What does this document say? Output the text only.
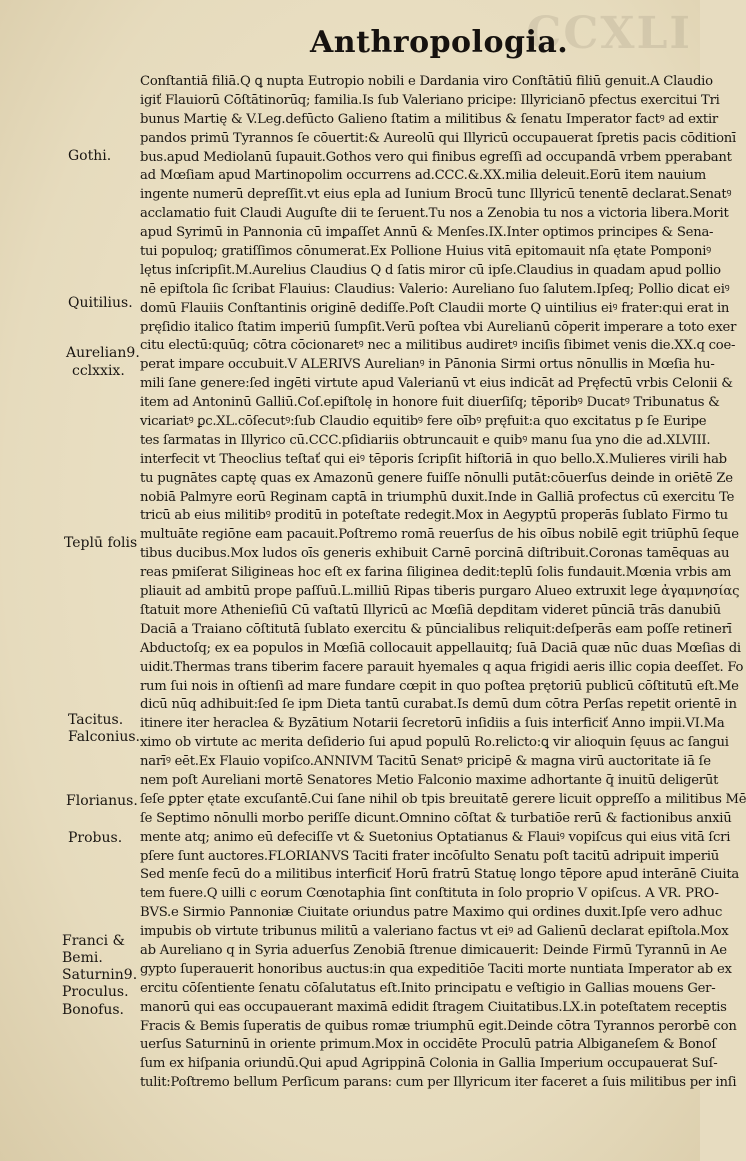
CCXLI
Anthropologia.
Gothi.
Quitilius.
Aurelian9.
cclxxix.
Teplū folis
Tacitus.
Falconius.
Florianus.
Probus.
Franci &
Bemi.
Saturnin9.
Proculus.
Bonofus.
Conſtantiā filiā.Q ꝗ nupta Eutropio nobili e Dardania viro Conſtātiū filiū genuit.A Claudio
igiť Flauiorū Cōſtātinorūq; familia.Is ſub Valeriano pricipe: Illyricianō pfectus exercitui Tri
bunus Martię & V.Leg.defūcto Galieno ſtatim a militibus & ſenatu Imperator factꝰ ad extir
pandos primū Tyrannos ſe cōuertit:& Aureolū qui Illyricū occupauerat ſpretis pacis cōditionī
bus.apud Mediolanū ſupauit.Gothos vero qui finibus egreſſi ad occupandā vrbem pperabant
ad Mœſiam apud Martinopolim occurrens ad.CCC.&.XX.milia deleuit.Eorū item nauium
ingente numerū depreſſit.vt eius epla ad Iunium Brocū tunc Illyricū tenentē declarat.Senatꝰ
acclamatio fuit Claudi Auguſte dii te ſeruent.Tu nos a Zenobia tu nos a victoria libera.Morit
apud Syrimū in Pannonia cū imꝑaſſet Annū & Menſes.IX.Inter optimos principes & Sena-
tui populoq; gratiſſimos cōnumerat.Ex Pollione Huius vitā epitomauit nſa ętate Pomponiꝰ
lętus inſcripſit.M.Aurelius Claudius Q d ſatis miror cū ipſe.Claudius in quadam apud pollio
nē epiſtola ſic ſcribat Flauius: Claudius: Valerio: Aureliano ſuo ſalutem.Ipſeq; Pollio dicat eiꝰ
domū Flauiis Conſtantinis originē dediſſe.Poſt Claudii morte Q uintilius eiꝰ frater:qui erat in
pręſidio italico ſtatim imperiū ſumpſit.Verū poſtea vbi Aurelianū cōperit imperare a toto exer
citu electū:quūq; cōtra cōcionaretꝰ nec a militibus audiretꝰ inciſis ſibimet venis die.XX.q coe-
perat impare occubuit.V ALERIVS Aurelianꝰ in Pānonia Sirmi ortus nōnullis in Mœſia hu-
mili ſane genere:ſed ingēti virtute apud Valerianū vt eius indicāt ad Pręfectū vrbis Celonii &
item ad Antoninū Galliū.Coſ.epiſtolę in honore fuit diuerſiſq; tēporibꝰ Ducatꝰ Tribunatus &
vicariatꝰ ꝑc.XL.cōſecutꝰ:ſub Claudio equitibꝰ fere oībꝰ pręfuit:a quo excitatus p ſe Euripe
tes ſarmatas in Illyrico cū.CCC.pſidiariis obtruncauit e quibꝰ manu ſua yno die ad.XLVIII.
interfecit vt Theoclius teſtať qui eiꝰ tēporis ſcripſit hiſtoriā in quo bello.X.Mulieres virili hab
tu pugnātes captę quas ex Amazonū genere fuiſſe nōnulli putāt:cōuerſus deinde in oriētē Ze
nobiā Palmyre eorū Reginam captā in triumphū duxit.Inde in Galliā profectus cū exercitu Te
tricū ab eius militibꝰ proditū in poteſtate redegit.Mox in Aegyptū properās ſublato Firmo tu
multuāte regiōne eam pacauit.Poſtremo romā reuerſus de his oībus nobilē egit triūphū ſeque
tibus ducibus.Mox ludos oīs generis exhibuit Carnē porcinā diſtribuit.Coronas tamēquas au
reas pmiſerat Siligineas hoc eſt ex farina ſiliginea dedit:teplū ſolis fundauit.Mœnia vrbis am
pliauit ad ambitū prope paſſuū.L.milliū Ripas tiberis purgaro Alueo extruxit lege ἀγαμνησίας
ſtatuit more Athenieſiū Cū vaſtatū Illyricū ac Mœſiā depditam videret pūnciā trās danubiū
Daciā a Traiano cōſtitutā ſublato exercitu & pūncialibus reliquit:deſperās eam poſſe retinerī
Abductoſq; ex ea populos in Mœſiā collocauit appellauitq; ſuā Daciā quæ nūc duas Mœſias di
uidit.Thermas trans tiberim facere parauit hyemales q aqua frigidi aeris illic copia deeſſet. Fo
rum ſui nois in oſtienſi ad mare fundare cœpit in quo poſtea prętoriū publicū cōſtitutū eſt.Me
dicū nūq adhibuit:ſed ſe ipm Dieta tantū curabat.Is demū dum cōtra Perſas repetit orientē in
itinere iter heraclea & Byzātium Notarii ſecretorū inſidiis a ſuis interficiť Anno impii.VI.Ma
ximo ob virtute ac merita deſiderio ſui apud populū Ro.relicto:ꝗ vir alioquin ſęuus ac ſangui
narīꝰ eēt.Ex Flauio vopiſco.ANNIVM Tacitū Senatꝰ pricipē & magna virū auctoritate iā ſe
nem poſt Aureliani mortē Senatores Metio Falconio maxime adhortante q̄ inuitū deligerūt
ſeſe ꝑpter ętate excuſantē.Cui ſane nihil ob tpis breuitatē gerere licuit oppreſſo a militibus Mē
ſe Septimo nōnulli morbo periſſe dicunt.Omnino cōſtat & turbatiōe rerū & factionibus anxiū
mente atq; animo eū defeciſſe vt & Suetonius Optatianus & Flauiꝰ vopiſcus qui eius vitā ſcri
pſere ſunt auctores.FLORIANVS Taciti frater incōſulto Senatu poſt tacitū adripuit imperiū
Sed menſe fecū do a militibus interficiť Horū fratrū Statuę longo tēpore apud interānē Ciuita
tem fuere.Q uilli c eorum Cœnotaphia ſint conſtituta in ſolo proprio V opiſcus. A VR. PRO-
BVS.e Sirmio Pannoniæ Ciuitate oriundus patre Maximo qui ordines duxit.Ipſe vero adhuc
impubis ob virtute tribunus militū a valeriano factus vt eiꝰ ad Galienū declarat epiſtola.Mox
ab Aureliano q in Syria aduerſus Zenobiā ſtrenue dimicauerit: Deinde Firmū Tyrannū in Ae
gypto ſuperauerit honoribus auctus:in qua expeditiōe Taciti morte nuntiata Imperator ab ex
ercitu cōſentiente ſenatu cōſalutatus eſt.Inito principatu e veſtigio in Gallias mouens Ger-
manorū qui eas occupauerant maximā edidit ſtragem Ciuitatibus.LX.in poteſtatem receptis
Fracis & Bemis ſuperatis de quibus romæ triumphū egit.Deinde cōtra Tyrannos perorbē con
uerſus Saturninū in oriente primum.Mox in occidēte Proculū patria Albiganeſem & Bonoſ
ſum ex hiſpania oriundū.Qui apud Agrippinā Colonia in Gallia Imperium occupauerat Suſ-
tulit:Poſtremo bellum Perſicum parans: cum per Illyricum iter faceret a ſuis militibus per inſi
